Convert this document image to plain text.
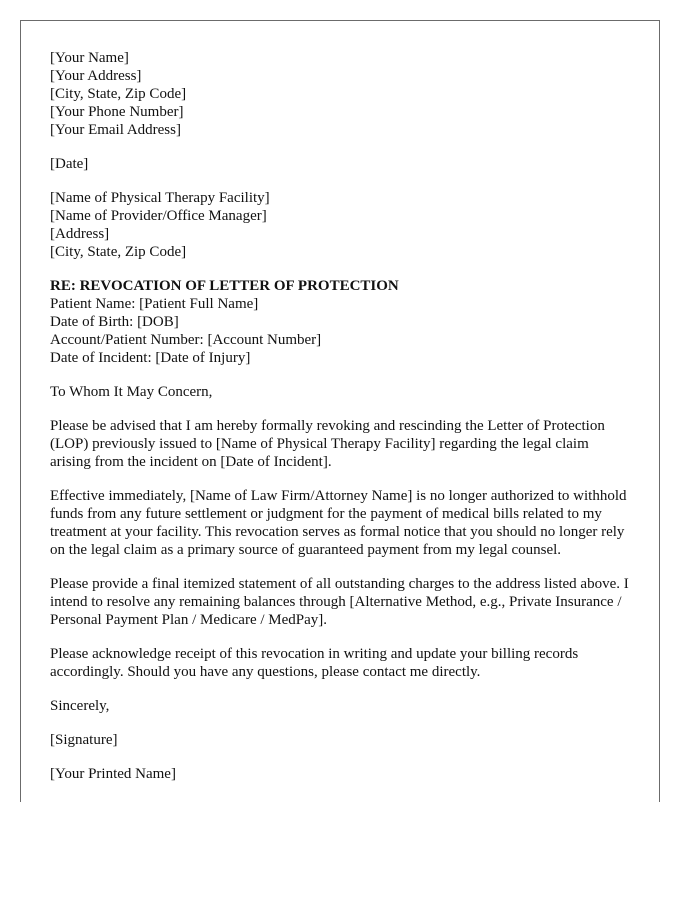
[Your Name]
[Your Address]
[City, State, Zip Code]
[Your Phone Number]
[Your Email Address]
[Date]
[Name of Physical Therapy Facility]
[Name of Provider/Office Manager]
[Address]
[City, State, Zip Code]
RE: REVOCATION OF LETTER OF PROTECTION
Patient Name: [Patient Full Name]
Date of Birth: [DOB]
Account/Patient Number: [Account Number]
Date of Incident: [Date of Injury]
To Whom It May Concern,

Please be advised that I am hereby formally revoking and rescinding the Letter of Protection (LOP) previously issued to [Name of Physical Therapy Facility] regarding the legal claim arising from the incident on [Date of Incident].

Effective immediately, [Name of Law Firm/Attorney Name] is no longer authorized to withhold funds from any future settlement or judgment for the payment of medical bills related to my treatment at your facility. This revocation serves as formal notice that you should no longer rely on the legal claim as a primary source of guaranteed payment from my legal counsel.

Please provide a final itemized statement of all outstanding charges to the address listed above. I intend to resolve any remaining balances through [Alternative Method, e.g., Private Insurance / Personal Payment Plan / Medicare / MedPay].

Please acknowledge receipt of this revocation in writing and update your billing records accordingly. Should you have any questions, please contact me directly.

Sincerely,
[Signature]
[Your Printed Name]
